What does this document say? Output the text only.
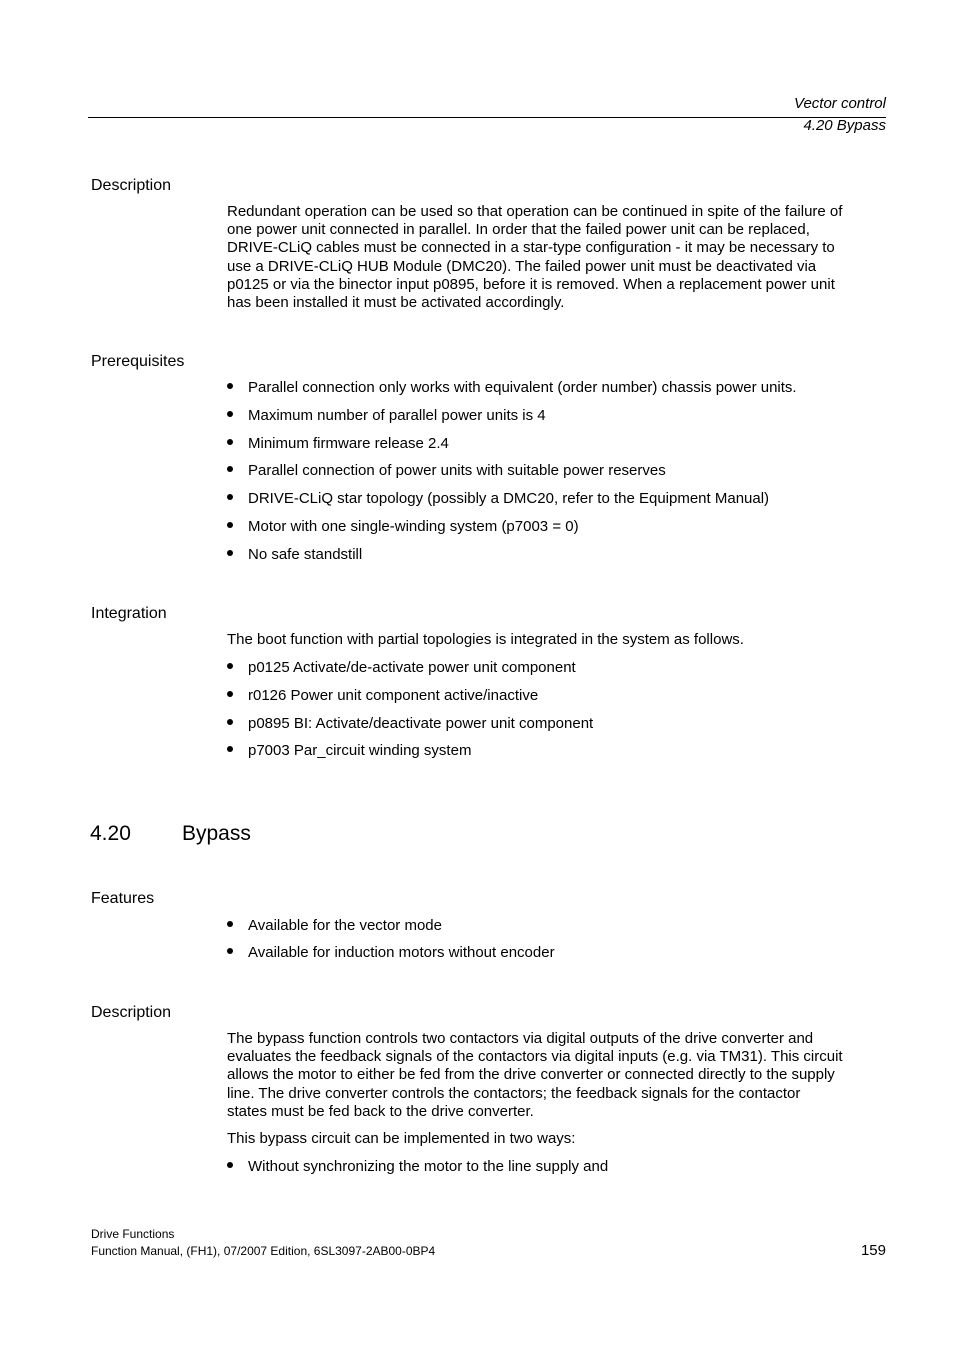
Vector control
4.20 Bypass
Description
Redundant operation can be used so that operation can be continued in spite of the failure of
one power unit connected in parallel. In order that the failed power unit can be replaced,
DRIVE-CLiQ cables must be connected in a star-type configuration - it may be necessary to
use a DRIVE-CLiQ HUB Module (DMC20). The failed power unit must be deactivated via
p0125 or via the binector input p0895, before it is removed. When a replacement power unit
has been installed it must be activated accordingly.
Prerequisites
Parallel connection only works with equivalent (order number) chassis power units.
Maximum number of parallel power units is 4
Minimum firmware release 2.4
Parallel connection of power units with suitable power reserves
DRIVE-CLiQ star topology (possibly a DMC20, refer to the Equipment Manual)
Motor with one single-winding system (p7003 = 0)
No safe standstill
Integration
The boot function with partial topologies is integrated in the system as follows.
p0125 Activate/de-activate power unit component
r0126 Power unit component active/inactive
p0895 BI: Activate/deactivate power unit component
p7003 Par_circuit winding system
4.20 Bypass
Features
Available for the vector mode
Available for induction motors without encoder
Description
The bypass function controls two contactors via digital outputs of the drive converter and
evaluates the feedback signals of the contactors via digital inputs (e.g. via TM31). This circuit
allows the motor to either be fed from the drive converter or connected directly to the supply
line. The drive converter controls the contactors; the feedback signals for the contactor
states must be fed back to the drive converter.
This bypass circuit can be implemented in two ways:
Without synchronizing the motor to the line supply and
Drive Functions
Function Manual, (FH1), 07/2007 Edition, 6SL3097-2AB00-0BP4	159
